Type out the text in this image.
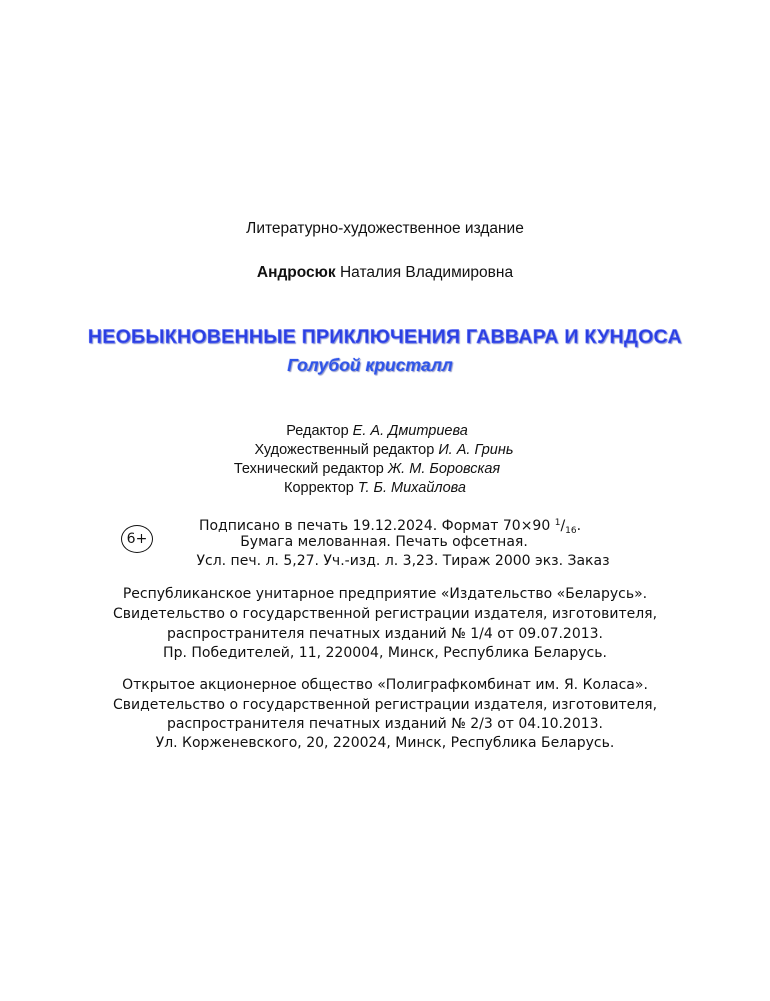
Литературно-художественное издание
Андросюк Наталия Владимировна
НЕОБЫКНОВЕННЫЕ ПРИКЛЮЧЕНИЯ ГАВВАРА И КУНДОСА
Голубой кристалл
Редактор Е. А. Дмитриева
Художественный редактор И. А. Гринь
Технический редактор Ж. М. Боровская
Корректор Т. Б. Михайлова
6+
Подписано в печать 19.12.2024. Формат 70×90 $^1/_{16}$.
Бумага мелованная. Печать офсетная.
Усл. печ. л. 5,27. Уч.-изд. л. 3,23. Тираж 2000 экз. Заказ
Республиканское унитарное предприятие «Издательство «Беларусь».
Свидетельство о государственной регистрации издателя, изготовителя,
распространителя печатных изданий № 1/4 от 09.07.2013.
Пр. Победителей, 11, 220004, Минск, Республика Беларусь.
Открытое акционерное общество «Полиграфкомбинат им. Я. Коласа».
Свидетельство о государственной регистрации издателя, изготовителя,
распространителя печатных изданий № 2/3 от 04.10.2013.
Ул. Корженевского, 20, 220024, Минск, Республика Беларусь.
